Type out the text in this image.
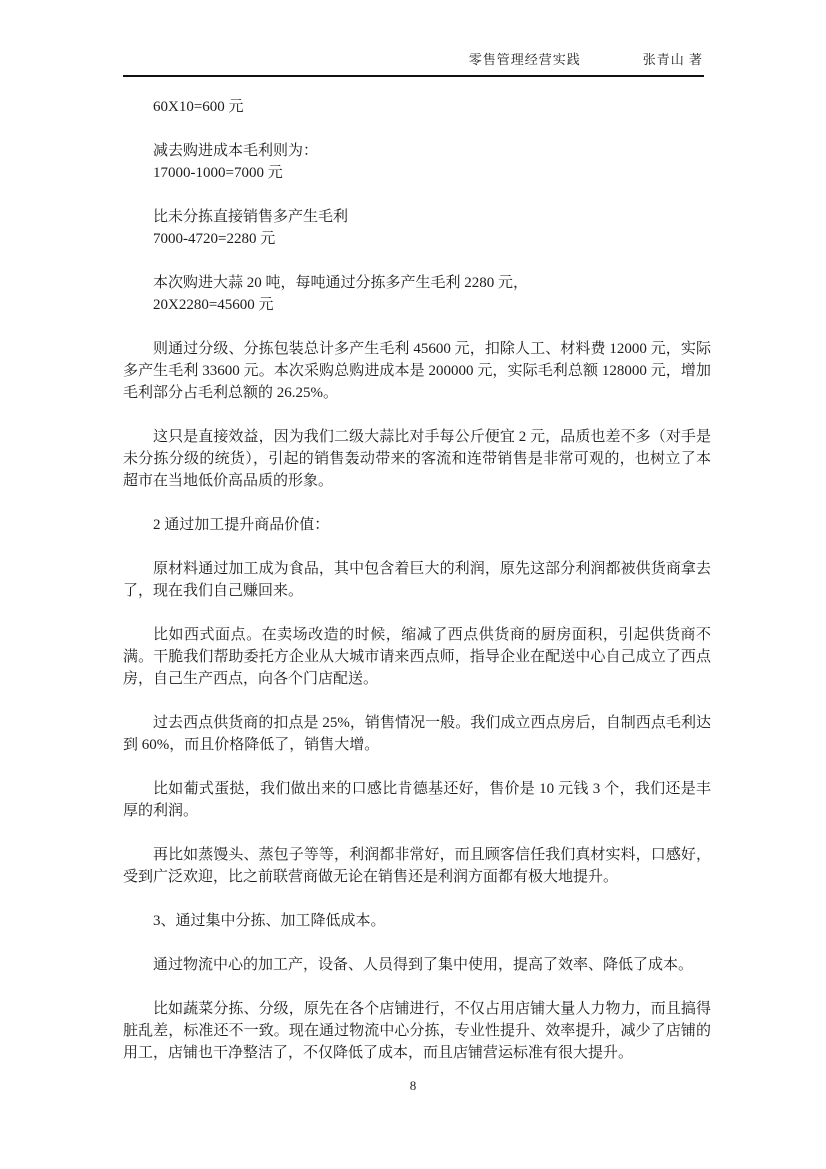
零售管理经营实践	张青山 著

60X10=600 元

减去购进成本毛利则为：

17000-1000=7000 元

比未分拣直接销售多产生毛利

7000-4720=2280 元

本次购进大蒜 20 吨，每吨通过分拣多产生毛利 2280 元，

20X2280=45600 元

则通过分级、分拣包装总计多产生毛利 45600 元，扣除人工、材料费 12000 元，实际多产生毛利 33600 元。本次采购总购进成本是 200000 元，实际毛利总额 128000 元，增加毛利部分占毛利总额的 26.25%。

这只是直接效益，因为我们二级大蒜比对手每公斤便宜 2 元，品质也差不多（对手是未分拣分级的统货），引起的销售轰动带来的客流和连带销售是非常可观的，也树立了本超市在当地低价高品质的形象。

2 通过加工提升商品价值：

原材料通过加工成为食品，其中包含着巨大的利润，原先这部分利润都被供货商拿去了，现在我们自己赚回来。

比如西式面点。在卖场改造的时候，缩减了西点供货商的厨房面积，引起供货商不满。干脆我们帮助委托方企业从大城市请来西点师，指导企业在配送中心自己成立了西点房，自己生产西点，向各个门店配送。

过去西点供货商的扣点是 25%，销售情况一般。我们成立西点房后，自制西点毛利达到 60%，而且价格降低了，销售大增。

比如葡式蛋挞，我们做出来的口感比肯德基还好，售价是 10 元钱 3 个，我们还是丰厚的利润。

再比如蒸馒头、蒸包子等等，利润都非常好，而且顾客信任我们真材实料，口感好，受到广泛欢迎，比之前联营商做无论在销售还是利润方面都有极大地提升。

3、通过集中分拣、加工降低成本。

通过物流中心的加工产，设备、人员得到了集中使用，提高了效率、降低了成本。

比如蔬菜分拣、分级，原先在各个店铺进行，不仅占用店铺大量人力物力，而且搞得脏乱差，标准还不一致。现在通过物流中心分拣，专业性提升、效率提升，减少了店铺的用工，店铺也干净整洁了，不仅降低了成本，而且店铺营运标准有很大提升。

8
